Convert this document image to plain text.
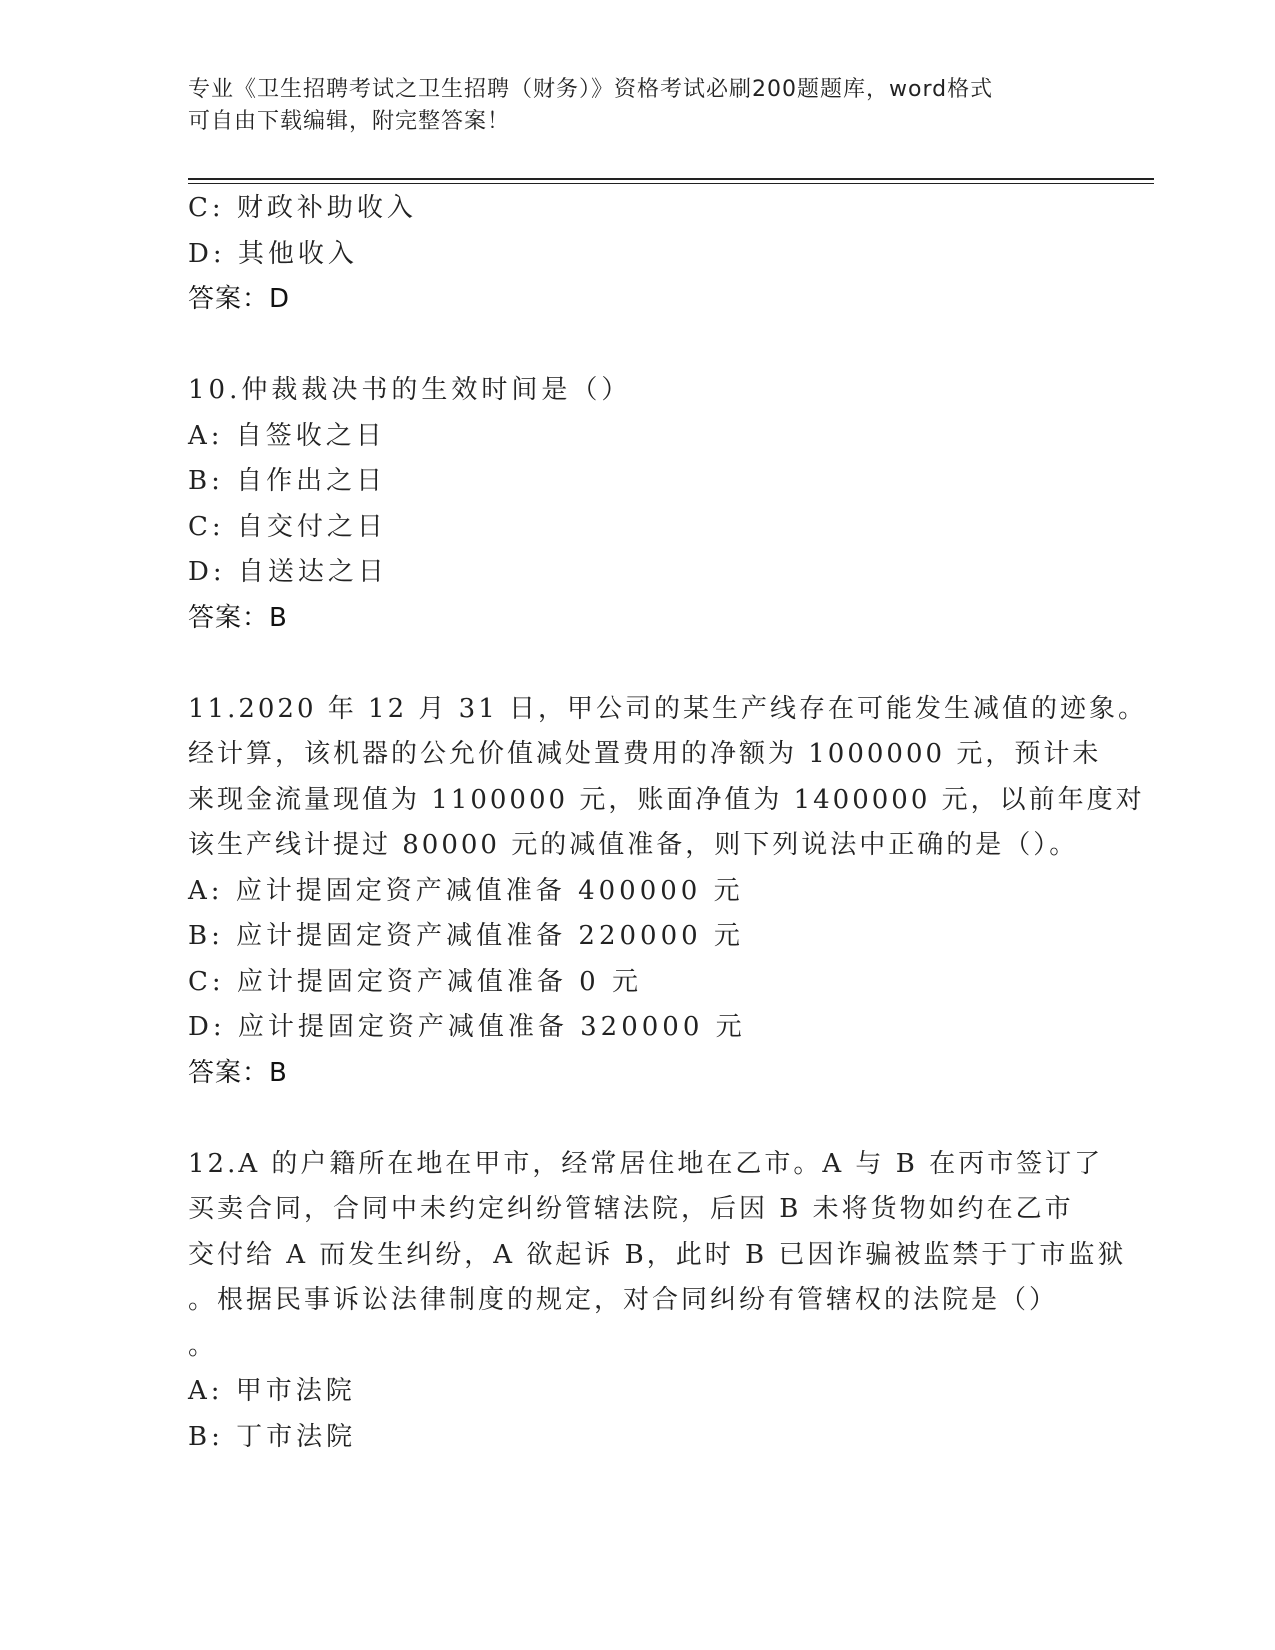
专业《卫生招聘考试之卫生招聘（财务）》资格考试必刷200题题库，word格式
可自由下载编辑，附完整答案！
C: 财政补助收入
D: 其他收入
答案：D
10.仲裁裁决书的生效时间是（）
A: 自签收之日
B: 自作出之日
C: 自交付之日
D: 自送达之日
答案：B
11.2020 年 12 月 31 日，甲公司的某生产线存在可能发生减值的迹象。
经计算，该机器的公允价值减处置费用的净额为 1000000 元，预计未
来现金流量现值为 1100000 元，账面净值为 1400000 元，以前年度对
该生产线计提过 80000 元的减值准备，则下列说法中正确的是（）。
A: 应计提固定资产减值准备 400000 元
B: 应计提固定资产减值准备 220000 元
C: 应计提固定资产减值准备 0 元
D: 应计提固定资产减值准备 320000 元
答案：B
12.A 的户籍所在地在甲市，经常居住地在乙市。A 与 B 在丙市签订了
买卖合同，合同中未约定纠纷管辖法院，后因 B 未将货物如约在乙市
交付给 A 而发生纠纷，A 欲起诉 B，此时 B 已因诈骗被监禁于丁市监狱
。根据民事诉讼法律制度的规定，对合同纠纷有管辖权的法院是（）
。
A: 甲市法院
B: 丁市法院
